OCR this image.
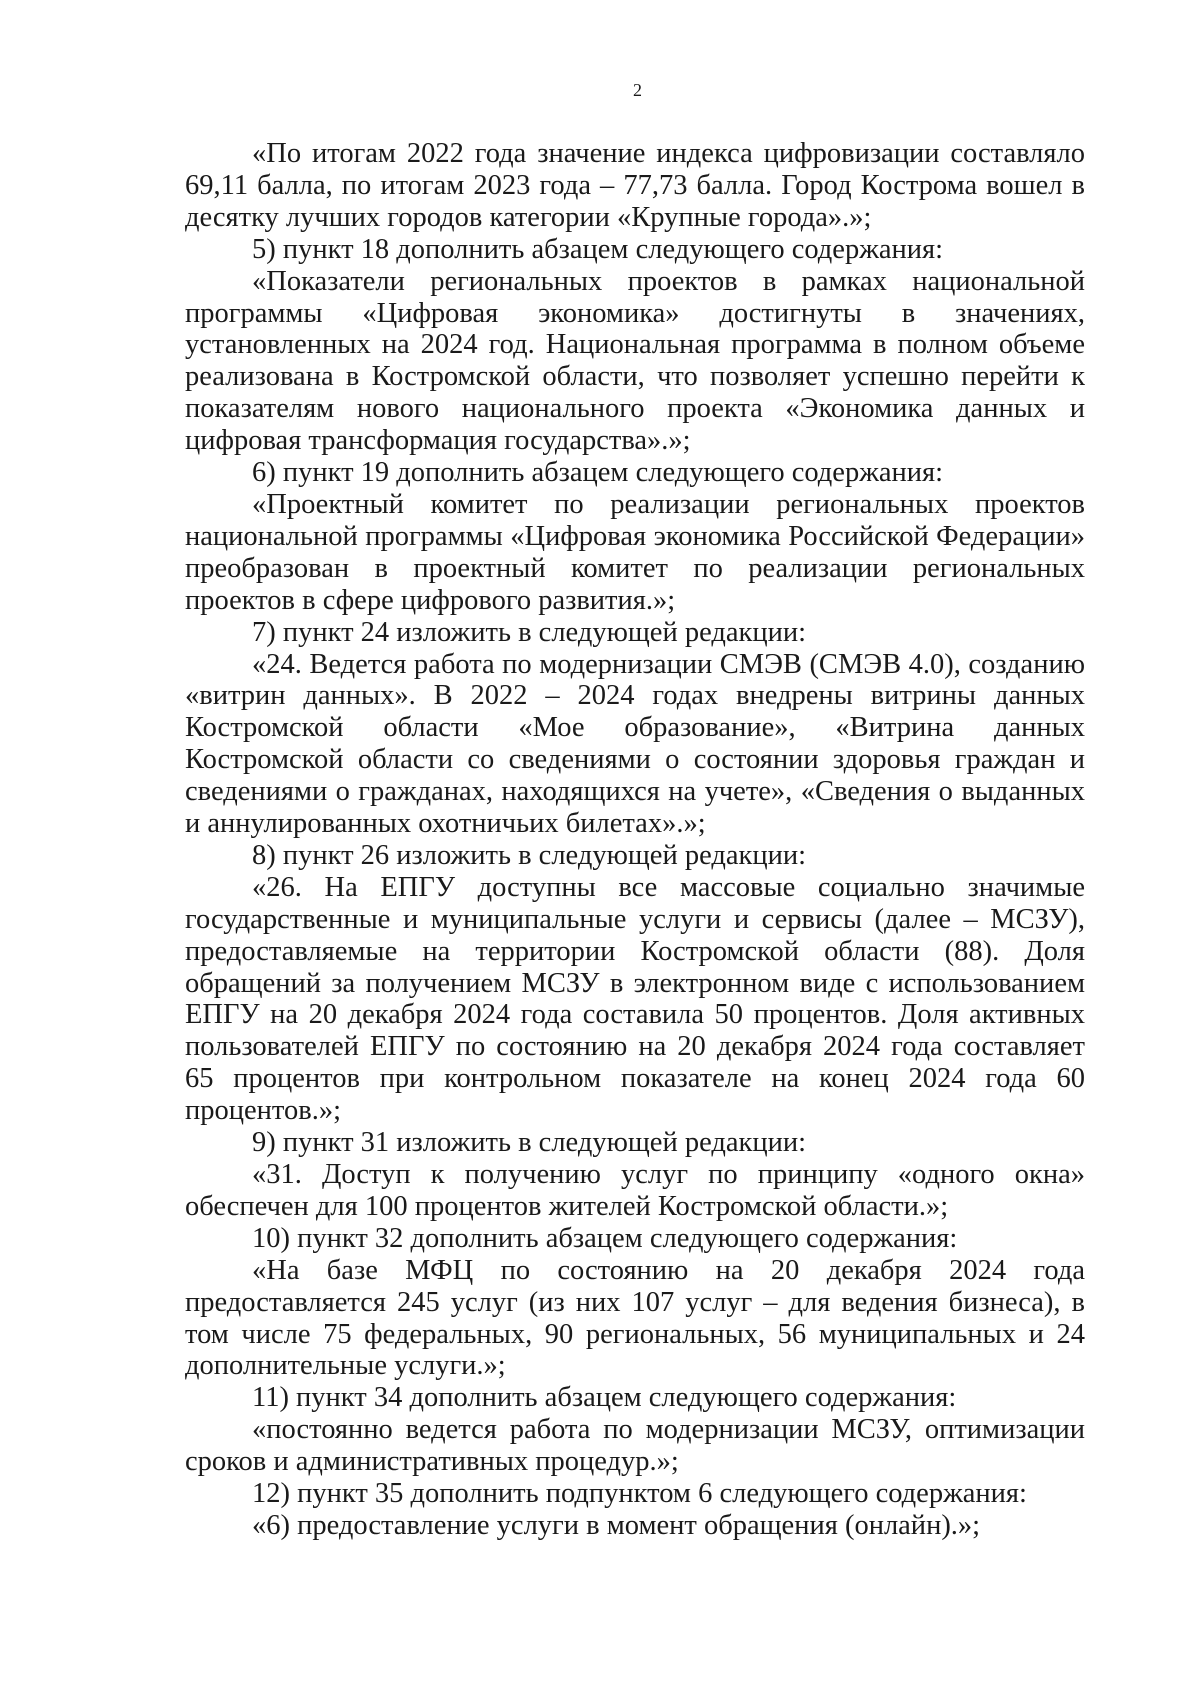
2

«По итогам 2022 года значение индекса цифровизации составляло 69,11 балла, по итогам 2023 года – 77,73 балла. Город Кострома вошел в десятку лучших городов категории «Крупные города».»;

5) пункт 18 дополнить абзацем следующего содержания:

«Показатели региональных проектов в рамках национальной программы «Цифровая экономика» достигнуты в значениях, установленных на 2024 год. Национальная программа в полном объеме реализована в Костромской области, что позволяет успешно перейти к показателям нового национального проекта «Экономика данных и цифровая трансформация государства».»;

6) пункт 19 дополнить абзацем следующего содержания:

«Проектный комитет по реализации региональных проектов национальной программы «Цифровая экономика Российской Федерации» преобразован в проектный комитет по реализации региональных проектов в сфере цифрового развития.»;

7) пункт 24 изложить в следующей редакции:

«24. Ведется работа по модернизации СМЭВ (СМЭВ 4.0), созданию «витрин данных». В 2022 – 2024 годах внедрены витрины данных Костромской области «Мое образование», «Витрина данных Костромской области со сведениями о состоянии здоровья граждан и сведениями о гражданах, находящихся на учете», «Сведения о выданных и аннулированных охотничьих билетах».»;

8) пункт 26 изложить в следующей редакции:

«26. На ЕПГУ доступны все массовые социально значимые государственные и муниципальные услуги и сервисы (далее – МСЗУ), предоставляемые на территории Костромской области (88). Доля обращений за получением МСЗУ в электронном виде с использованием ЕПГУ на 20 декабря 2024 года составила 50 процентов. Доля активных пользователей ЕПГУ по состоянию на 20 декабря 2024 года составляет 65 процентов при контрольном показателе на конец 2024 года 60 процентов.»;

9) пункт 31 изложить в следующей редакции:

«31. Доступ к получению услуг по принципу «одного окна» обеспечен для 100 процентов жителей Костромской области.»;

10) пункт 32 дополнить абзацем следующего содержания:

«На базе МФЦ по состоянию на 20 декабря 2024 года предоставляется 245 услуг (из них 107 услуг – для ведения бизнеса), в том числе 75 федеральных, 90 региональных, 56 муниципальных и 24 дополнительные услуги.»;

11) пункт 34 дополнить абзацем следующего содержания:

«постоянно ведется работа по модернизации МСЗУ, оптимизации сроков и административных процедур.»;

12) пункт 35 дополнить подпунктом 6 следующего содержания:

«6) предоставление услуги в момент обращения (онлайн).»;
